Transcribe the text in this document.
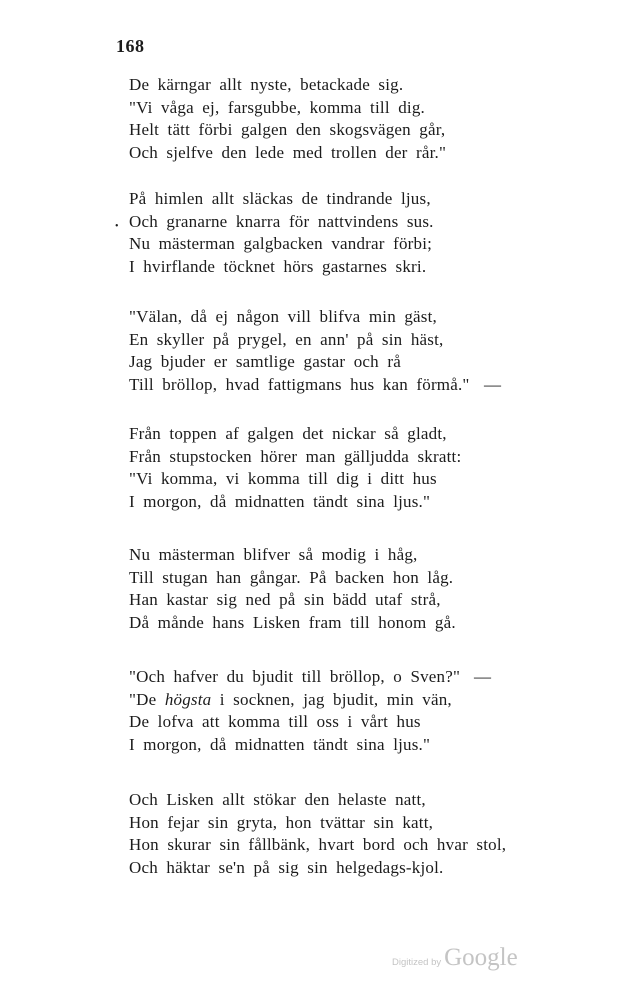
168
•
De kärngar allt nyste, betackade sig.
"Vi våga ej, farsgubbe, komma till dig.
Helt tätt förbi galgen den skogsvägen går,
Och sjelfve den lede med trollen der rår."
På himlen allt släckas de tindrande ljus,
Och granarne knarra för nattvindens sus.
Nu mästerman galgbacken vandrar förbi;
I hvirflande töcknet hörs gastarnes skri.
"Välan, då ej någon vill blifva min gäst,
En skyller på prygel, en ann' på sin häst,
Jag bjuder er samtlige gastar och rå
Till bröllop, hvad fattigmans hus kan förmå." —
Från toppen af galgen det nickar så gladt,
Från stupstocken hörer man gälljudda skratt:
"Vi komma, vi komma till dig i ditt hus
I morgon, då midnatten tändt sina ljus."
Nu mästerman blifver så modig i håg,
Till stugan han gångar. På backen hon låg.
Han kastar sig ned på sin bädd utaf strå,
Då månde hans Lisken fram till honom gå.
"Och hafver du bjudit till bröllop, o Sven?" —
"De högsta i socknen, jag bjudit, min vän,
De lofva att komma till oss i vårt hus
I morgon, då midnatten tändt sina ljus."
Och Lisken allt stökar den helaste natt,
Hon fejar sin gryta, hon tvättar sin katt,
Hon skurar sin fållbänk, hvart bord och hvar stol,
Och häktar se'n på sig sin helgedags-kjol.
Digitized by Google
